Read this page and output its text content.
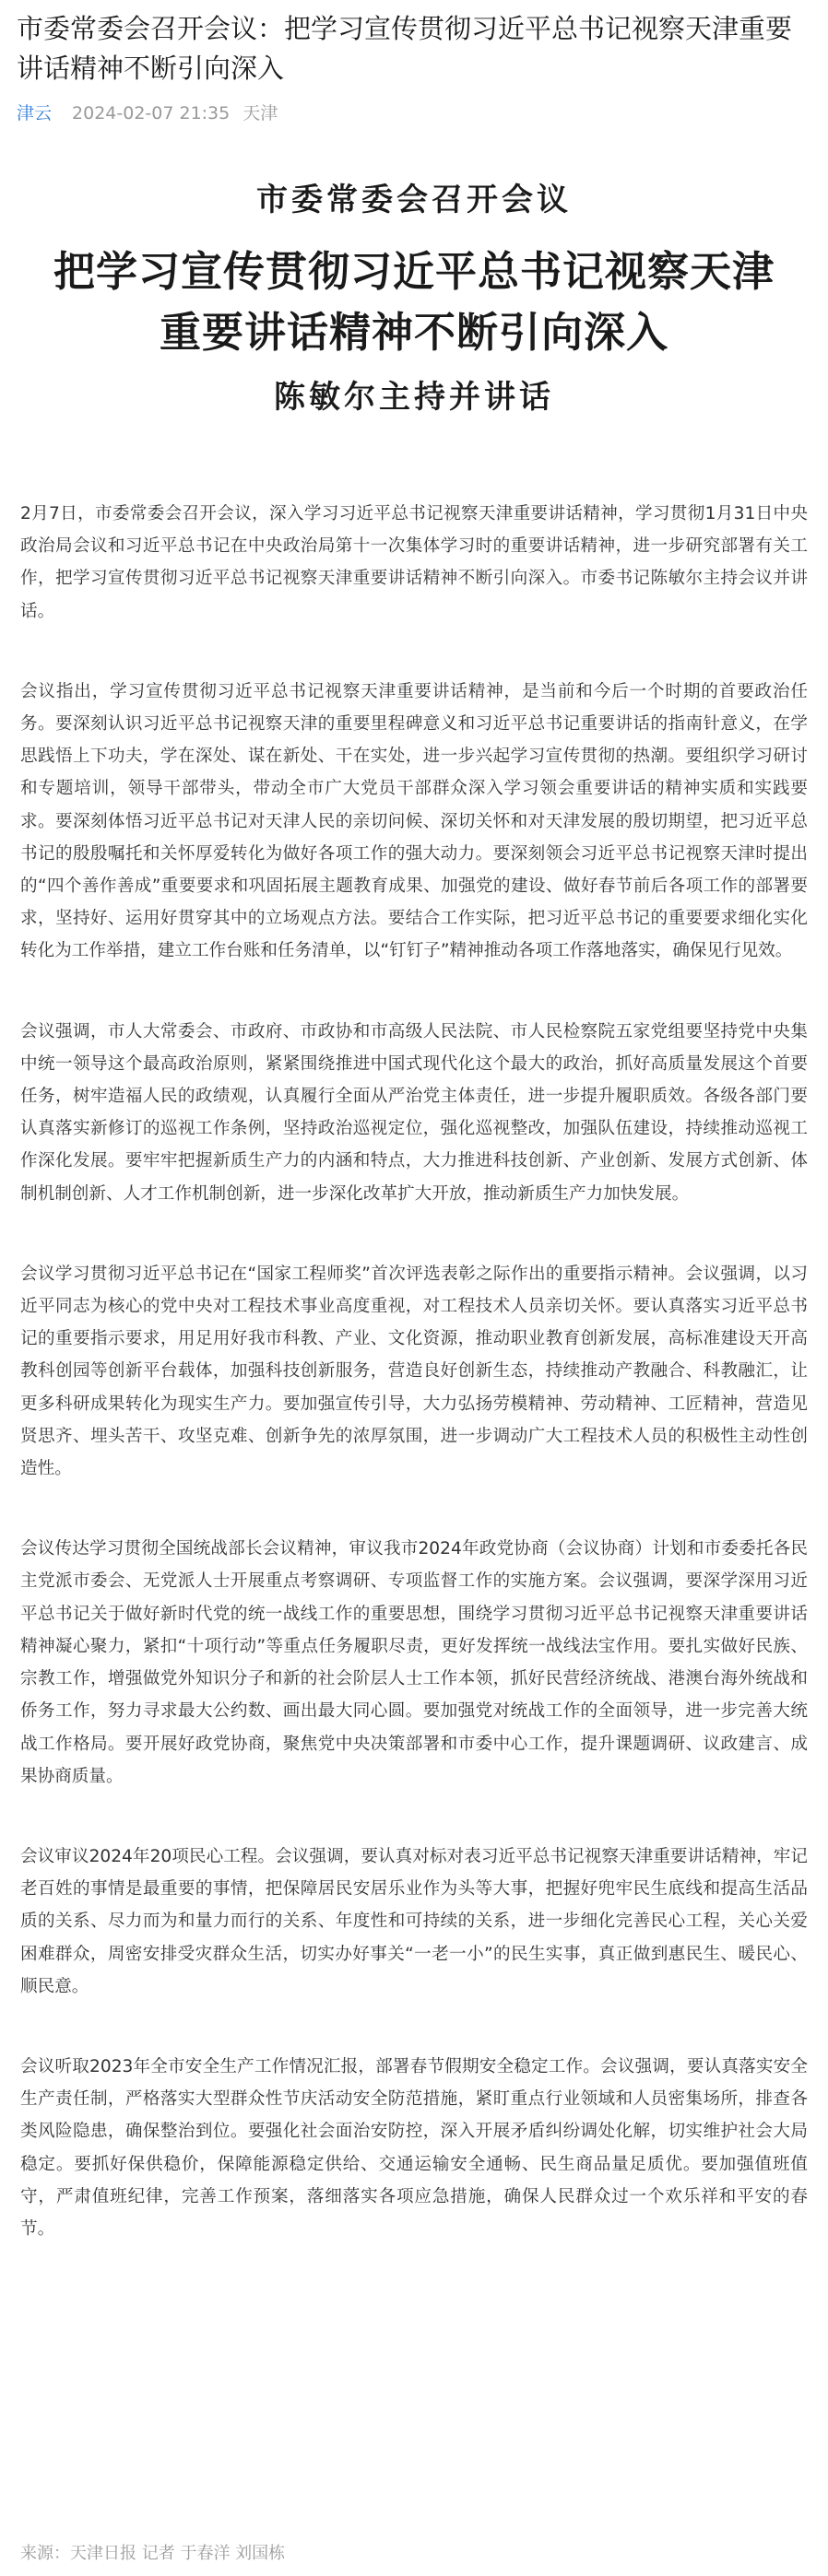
市委常委会召开会议：把学习宣传贯彻习近平总书记视察天津重要讲话精神不断引向深入
津云 2024-02-07 21:35 天津
市委常委会召开会议
把学习宣传贯彻习近平总书记视察天津
重要讲话精神不断引向深入
陈敏尔主持并讲话

2月7日，市委常委会召开会议，深入学习习近平总书记视察天津重要讲话精神，学习贯彻1月31日中央政治局会议和习近平总书记在中央政治局第十一次集体学习时的重要讲话精神，进一步研究部署有关工作，把学习宣传贯彻习近平总书记视察天津重要讲话精神不断引向深入。市委书记陈敏尔主持会议并讲话。

会议指出，学习宣传贯彻习近平总书记视察天津重要讲话精神，是当前和今后一个时期的首要政治任务。要深刻认识习近平总书记视察天津的重要里程碑意义和习近平总书记重要讲话的指南针意义，在学思践悟上下功夫，学在深处、谋在新处、干在实处，进一步兴起学习宣传贯彻的热潮。要组织学习研讨和专题培训，领导干部带头，带动全市广大党员干部群众深入学习领会重要讲话的精神实质和实践要求。要深刻体悟习近平总书记对天津人民的亲切问候、深切关怀和对天津发展的殷切期望，把习近平总书记的殷殷嘱托和关怀厚爱转化为做好各项工作的强大动力。要深刻领会习近平总书记视察天津时提出的“四个善作善成”重要要求和巩固拓展主题教育成果、加强党的建设、做好春节前后各项工作的部署要求，坚持好、运用好贯穿其中的立场观点方法。要结合工作实际，把习近平总书记的重要要求细化实化转化为工作举措，建立工作台账和任务清单，以“钉钉子”精神推动各项工作落地落实，确保见行见效。

会议强调，市人大常委会、市政府、市政协和市高级人民法院、市人民检察院五家党组要坚持党中央集中统一领导这个最高政治原则，紧紧围绕推进中国式现代化这个最大的政治，抓好高质量发展这个首要任务，树牢造福人民的政绩观，认真履行全面从严治党主体责任，进一步提升履职质效。各级各部门要认真落实新修订的巡视工作条例，坚持政治巡视定位，强化巡视整改，加强队伍建设，持续推动巡视工作深化发展。要牢牢把握新质生产力的内涵和特点，大力推进科技创新、产业创新、发展方式创新、体制机制创新、人才工作机制创新，进一步深化改革扩大开放，推动新质生产力加快发展。

会议学习贯彻习近平总书记在“国家工程师奖”首次评选表彰之际作出的重要指示精神。会议强调，以习近平同志为核心的党中央对工程技术事业高度重视，对工程技术人员亲切关怀。要认真落实习近平总书记的重要指示要求，用足用好我市科教、产业、文化资源，推动职业教育创新发展，高标准建设天开高教科创园等创新平台载体，加强科技创新服务，营造良好创新生态，持续推动产教融合、科教融汇，让更多科研成果转化为现实生产力。要加强宣传引导，大力弘扬劳模精神、劳动精神、工匠精神，营造见贤思齐、埋头苦干、攻坚克难、创新争先的浓厚氛围，进一步调动广大工程技术人员的积极性主动性创造性。

会议传达学习贯彻全国统战部长会议精神，审议我市2024年政党协商（会议协商）计划和市委委托各民主党派市委会、无党派人士开展重点考察调研、专项监督工作的实施方案。会议强调，要深学深用习近平总书记关于做好新时代党的统一战线工作的重要思想，围绕学习贯彻习近平总书记视察天津重要讲话精神凝心聚力，紧扣“十项行动”等重点任务履职尽责，更好发挥统一战线法宝作用。要扎实做好民族、宗教工作，增强做党外知识分子和新的社会阶层人士工作本领，抓好民营经济统战、港澳台海外统战和侨务工作，努力寻求最大公约数、画出最大同心圆。要加强党对统战工作的全面领导，进一步完善大统战工作格局。要开展好政党协商，聚焦党中央决策部署和市委中心工作，提升课题调研、议政建言、成果协商质量。

会议审议2024年20项民心工程。会议强调，要认真对标对表习近平总书记视察天津重要讲话精神，牢记老百姓的事情是最重要的事情，把保障居民安居乐业作为头等大事，把握好兜牢民生底线和提高生活品质的关系、尽力而为和量力而行的关系、年度性和可持续的关系，进一步细化完善民心工程，关心关爱困难群众，周密安排受灾群众生活，切实办好事关“一老一小”的民生实事，真正做到惠民生、暖民心、顺民意。

会议听取2023年全市安全生产工作情况汇报，部署春节假期安全稳定工作。会议强调，要认真落实安全生产责任制，严格落实大型群众性节庆活动安全防范措施，紧盯重点行业领域和人员密集场所，排查各类风险隐患，确保整治到位。要强化社会面治安防控，深入开展矛盾纠纷调处化解，切实维护社会大局稳定。要抓好保供稳价，保障能源稳定供给、交通运输安全通畅、民生商品量足质优。要加强值班值守，严肃值班纪律，完善工作预案，落细落实各项应急措施，确保人民群众过一个欢乐祥和平安的春节。

来源：天津日报 记者 于春洋 刘国栋
